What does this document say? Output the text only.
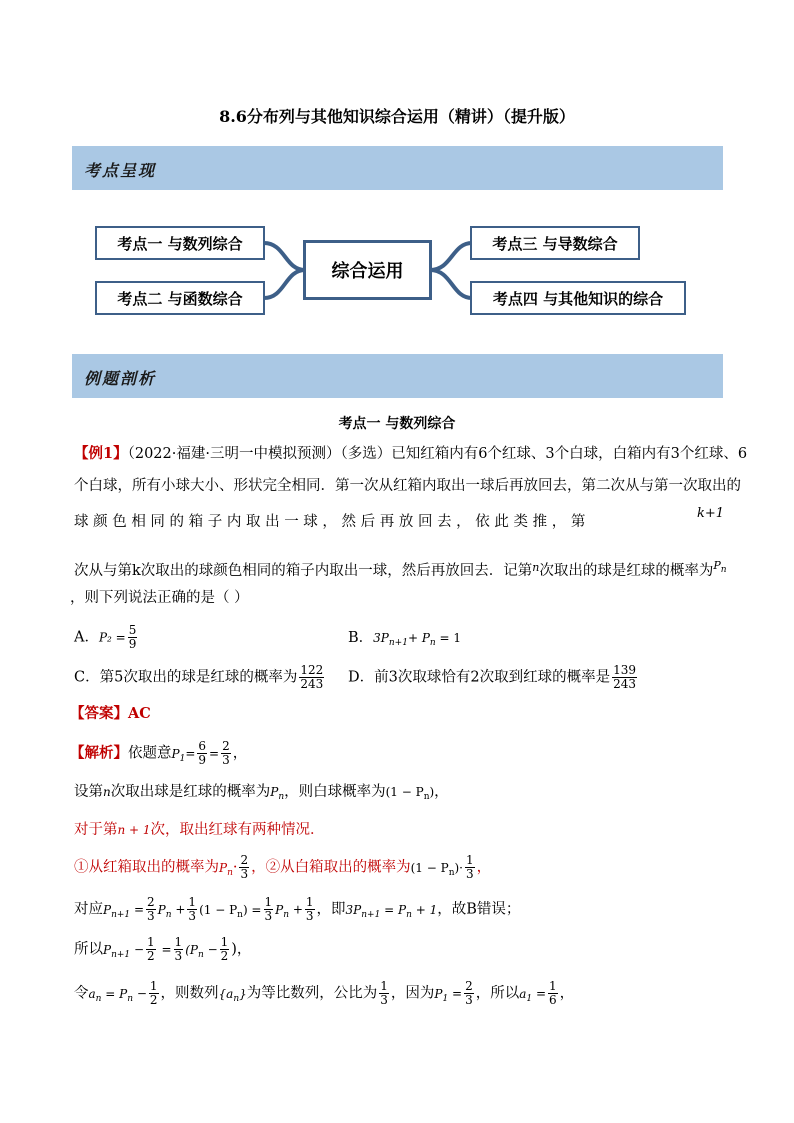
8.6分布列与其他知识综合运用（精讲）（提升版）
考点呈现
考点一 与数列综合
考点二 与函数综合
综合运用
考点三 与导数综合
考点四 与其他知识的综合
例题剖析
考点一 与数列综合
【例1】（2022·福建·三明一中模拟预测）（多选）已知红箱内有6个红球、3个白球，白箱内有3个红球、6
个白球，所有小球大小、形状完全相同．第一次从红箱内取出一球后再放回去，第二次从与第一次取出的
球 颜 色 相 同 的 箱 子 内 取 出 一 球 ， 然 后 再 放 回 去 ， 依 此 类 推 ， 第
k+1
次从与第k次取出的球颜色相同的箱子内取出一球，然后再放回去．记第$^n$次取出的球是红球的概率为$^{P_n}$
，则下列说法正确的是（ ）
A．$P_2 = \frac{5}{9}$	B．$3P_{n+1}+ P_n = 1$
C．第5次取出的球是红球的概率为 $\frac{122}{243}$ D．前3次取球恰有2次取到红球的概率是 $\frac{139}{243}$
【答案】AC
【解析】依题意$P_1= \frac{6}{9} = \frac{2}{3}$ ，
设第n次取出球是红球的概率为$P_n$，则白球概率为$(1 - P_n)$，
对于第n + 1次，取出红球有两种情况．
①从红箱取出的概率为$P_n\cdot \frac{2}{3}$ ，②从白箱取出的概率为$(1 - P_n)\cdot \frac{1}{3}$ ，
对应$P_{n+1} = \frac{2}{3} P_n + \frac{1}{3} (1 - P_n) = \frac{1}{3} P_n + \frac{1}{3}$ ，即$3P_{n+1} = P_n + 1$，故B错误；
所以$P_{n+1} - \frac{1}{2} = \frac{1}{3} (P_n - \frac{1}{2}$ )，
令$a_n = P_n - \frac{1}{2}$ ，则数列$\{a_n\}$为等比数列，公比为 $\frac{1}{3}$ ，因为$P_1 = \frac{2}{3}$ ，所以$a_1 = \frac{1}{6}$ ，
